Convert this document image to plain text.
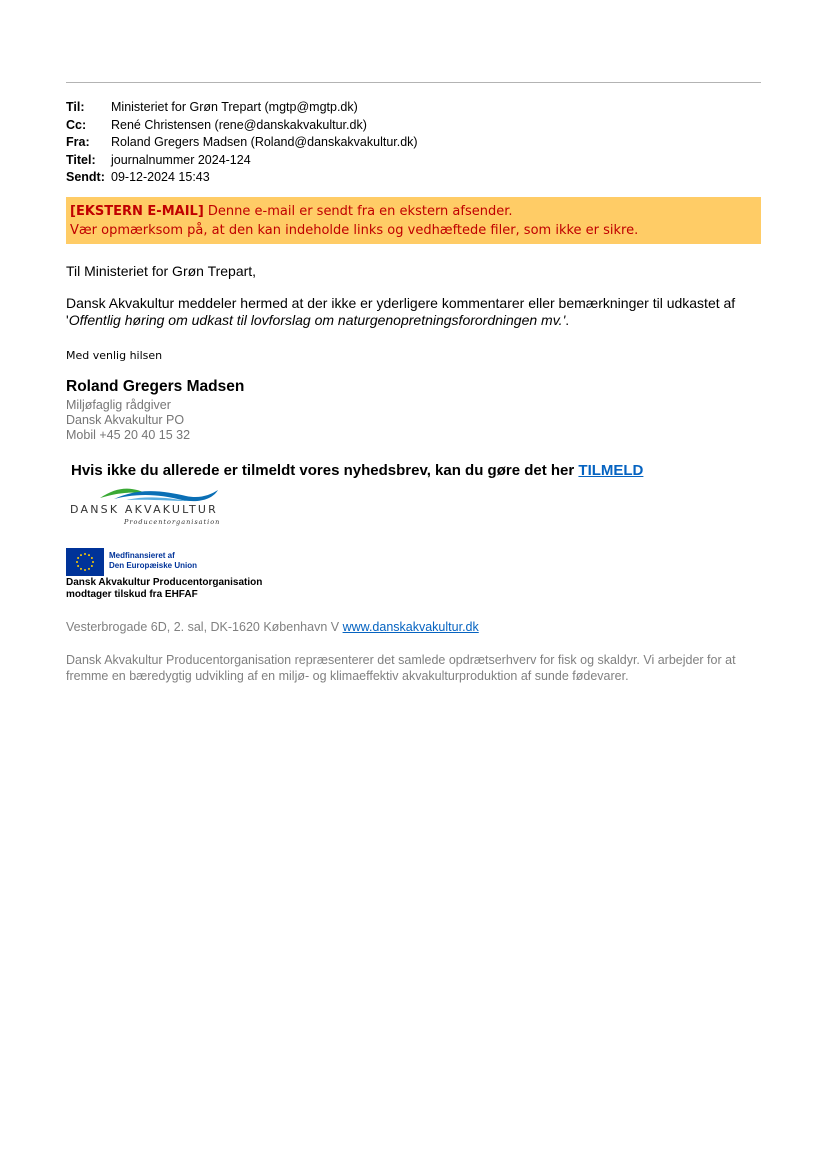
Til:	Ministeriet for Grøn Trepart (mgtp@mgtp.dk)
Cc:	René Christensen (rene@danskakvakultur.dk)
Fra:	Roland Gregers Madsen (Roland@danskakvakultur.dk)
Titel:	journalnummer 2024-124
Sendt: 09-12-2024 15:43
[EKSTERN E-MAIL] Denne e-mail er sendt fra en ekstern afsender.
Vær opmærksom på, at den kan indeholde links og vedhæftede filer, som ikke er sikre.
Til Ministeriet for Grøn Trepart,
Dansk Akvakultur meddeler hermed at der ikke er yderligere kommentarer eller bemærkninger til udkastet af 'Offentlig høring om udkast til lovforslag om naturgenopretningsforordningen mv.'.
Med venlig hilsen
Roland Gregers Madsen
Miljøfaglig rådgiver
Dansk Akvakultur PO
Mobil +45 20 40 15 32
Hvis ikke du allerede er tilmeldt vores nyhedsbrev, kan du gøre det her TILMELD
DANSK AKVAKULTUR
Producentorganisation
Medfinansieret af
Den Europæiske Union
Dansk Akvakultur Producentorganisation
modtager tilskud fra EHFAF
Vesterbrogade 6D, 2. sal, DK-1620 København V www.danskakvakultur.dk
Dansk Akvakultur Producentorganisation repræsenterer det samlede opdrætserhverv for fisk og skaldyr. Vi arbejder for at fremme en bæredygtig udvikling af en miljø- og klimaeffektiv akvakulturproduktion af sunde fødevarer.
